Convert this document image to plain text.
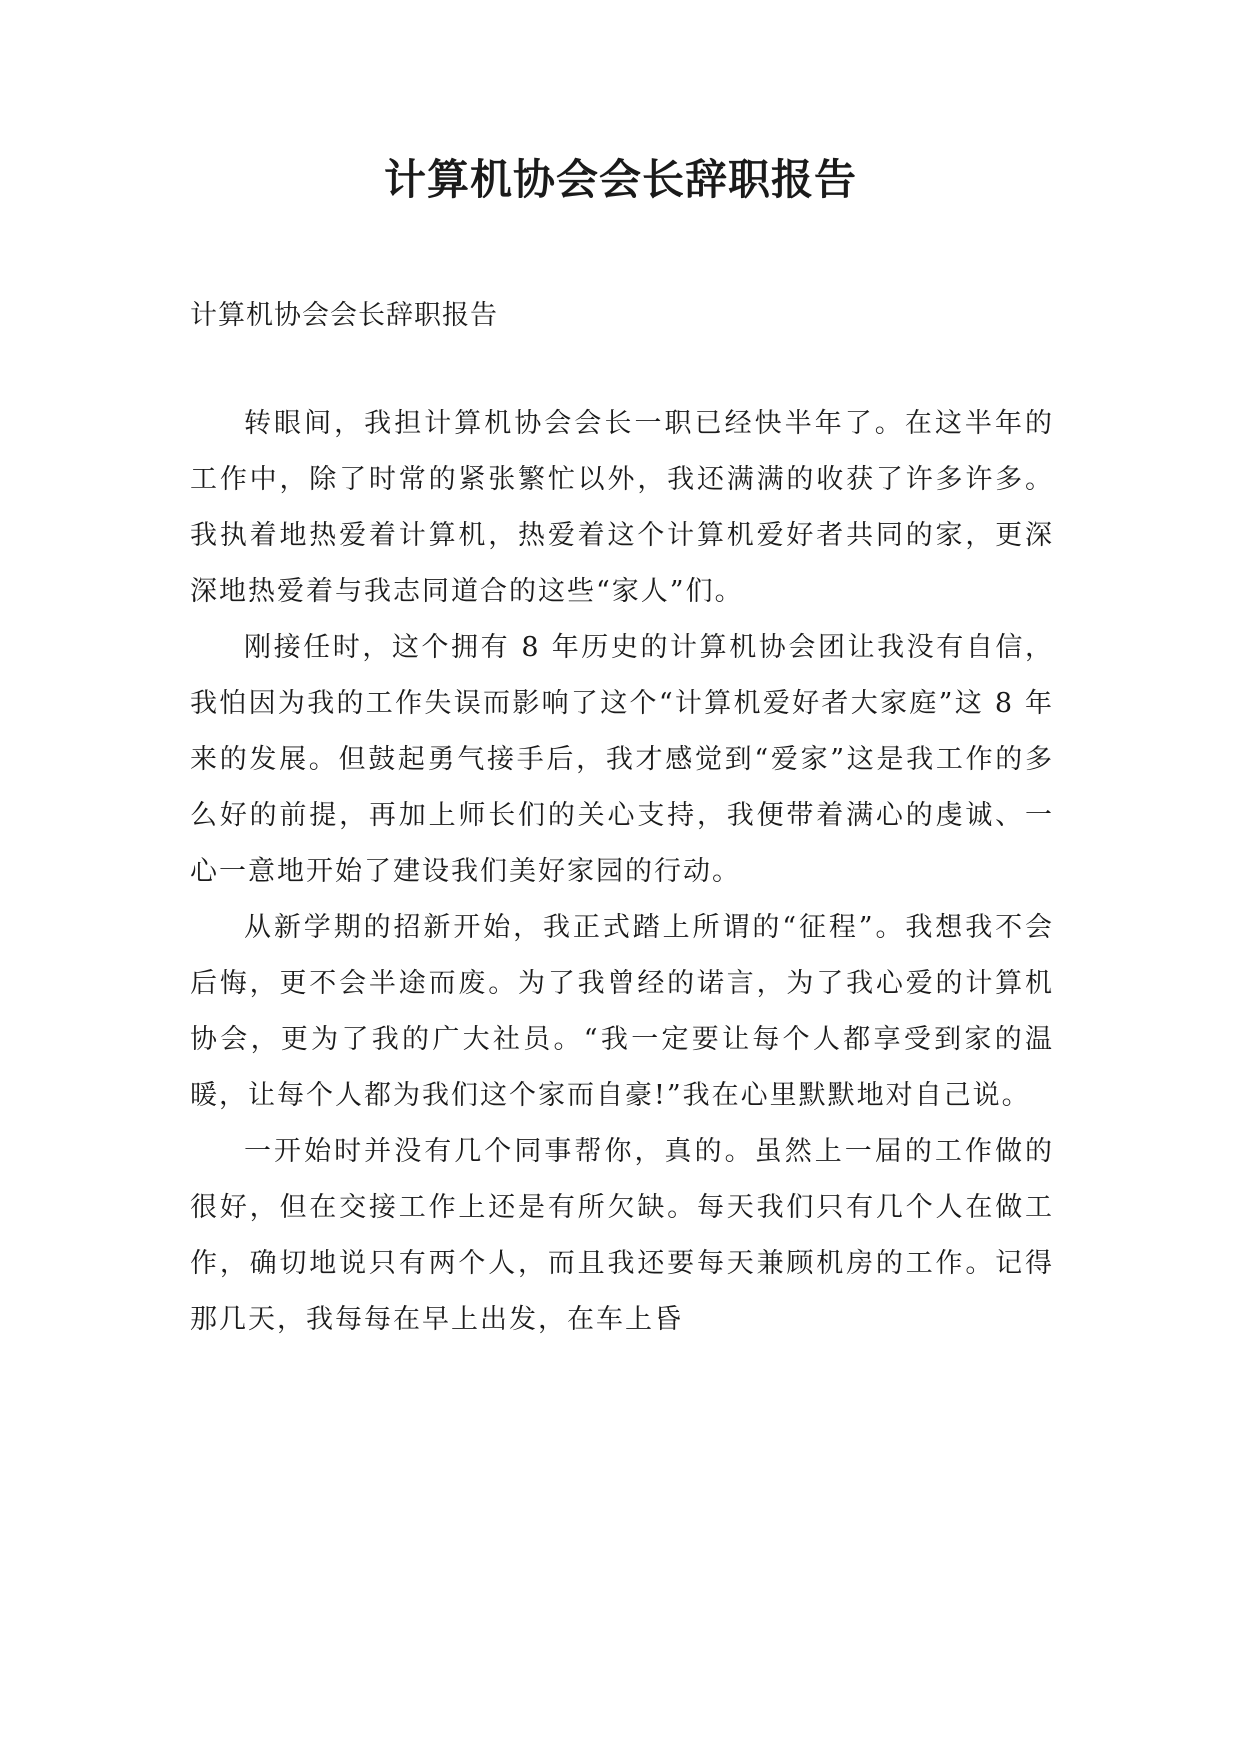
计算机协会会长辞职报告

计算机协会会长辞职报告

转眼间，我担计算机协会会长一职已经快半年了。在这半年的工作中，除了时常的紧张繁忙以外，我还满满的收获了许多许多。我执着地热爱着计算机，热爱着这个计算机爱好者共同的家，更深深地热爱着与我志同道合的这些“家人”们。

刚接任时，这个拥有 8 年历史的计算机协会团让我没有自信，我怕因为我的工作失误而影响了这个“计算机爱好者大家庭”这 8 年来的发展。但鼓起勇气接手后，我才感觉到“爱家”这是我工作的多么好的前提，再加上师长们的关心支持，我便带着满心的虔诚、一心一意地开始了建设我们美好家园的行动。

从新学期的招新开始，我正式踏上所谓的“征程”。我想我不会后悔，更不会半途而废。为了我曾经的诺言，为了我心爱的计算机协会，更为了我的广大社员。“我一定要让每个人都享受到家的温暖，让每个人都为我们这个家而自豪!”我在心里默默地对自己说。

一开始时并没有几个同事帮你，真的。虽然上一届的工作做的很好，但在交接工作上还是有所欠缺。每天我们只有几个人在做工作，确切地说只有两个人，而且我还要每天兼顾机房的工作。记得那几天，我每每在早上出发，在车上昏
